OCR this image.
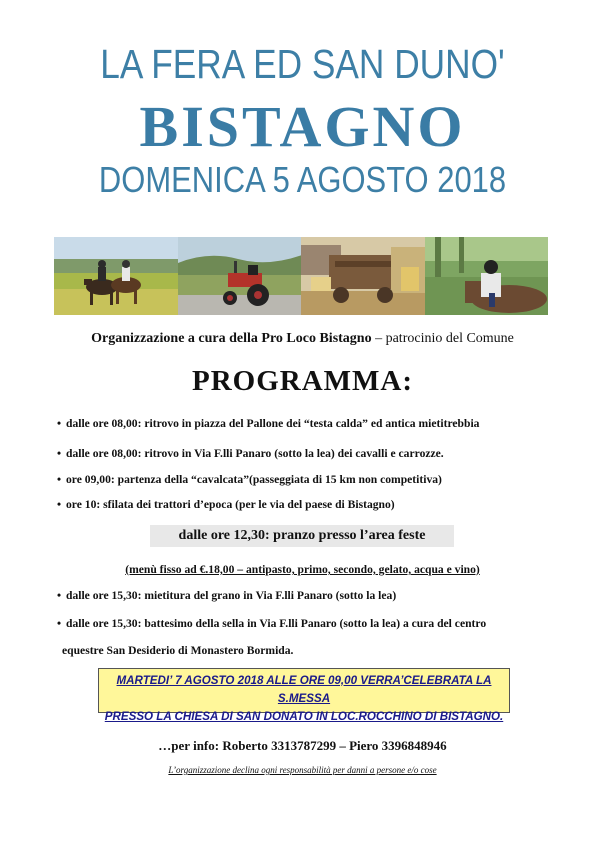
LA FERA ED SAN DUNO'
BISTAGNO
DOMENICA 5 AGOSTO 2018
Organizzazione a cura della Pro Loco Bistagno – patrocinio del Comune
PROGRAMMA:
• dalle ore 08,00: ritrovo in piazza del Pallone dei “testa calda” ed antica mietitrebbia
• dalle ore 08,00: ritrovo in Via F.lli Panaro (sotto la lea) dei cavalli e carrozze.
• ore 09,00: partenza della “cavalcata”(passeggiata di 15 km non competitiva)
• ore 10: sfilata dei trattori d’epoca (per le via del paese di Bistagno)
dalle ore 12,30: pranzo presso l’area feste
(menù fisso ad €.18,00 – antipasto, primo, secondo, gelato, acqua e vino)
• dalle ore 15,30: mietitura del grano in Via F.lli Panaro (sotto la lea)
• dalle ore 15,30: battesimo della sella in Via F.lli Panaro (sotto la lea) a cura del centro
equestre San Desiderio di Monastero Bormida.
MARTEDI’ 7 AGOSTO 2018 ALLE ORE 09,00 VERRA’CELEBRATA LA S.MESSA
PRESSO LA CHIESA DI SAN DONATO IN LOC.ROCCHINO DI BISTAGNO.
…per info: Roberto 3313787299 – Piero 3396848946
L’organizzazione declina ogni responsabilità per danni a persone e/o cose
